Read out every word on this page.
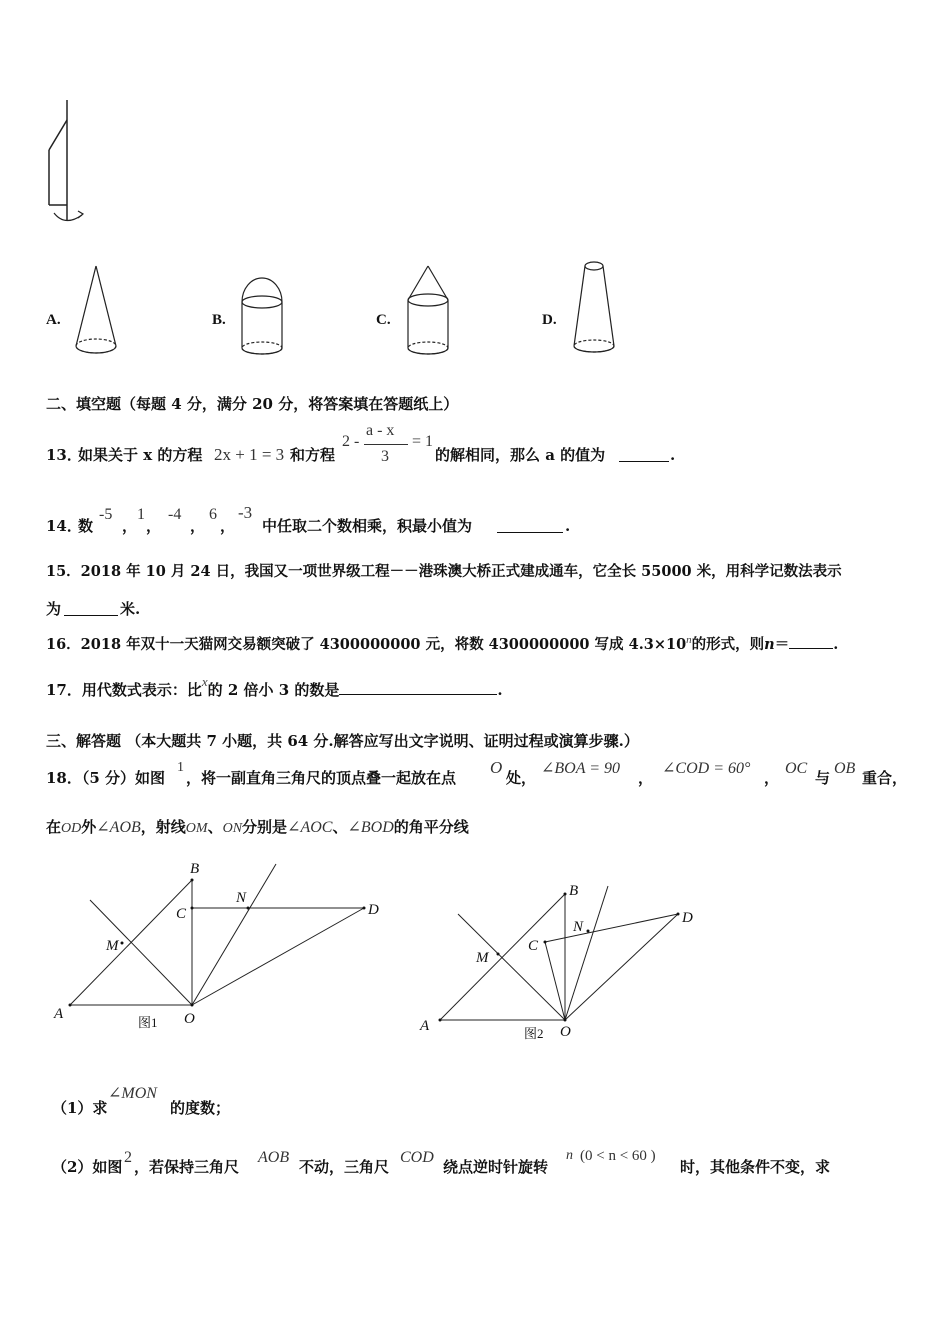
A.	B.	C.	D.
二、填空题（每题 4 分，满分 20 分，将答案填在答题纸上）
13．
如果关于 x 的方程 2x + 1 = 3 和方程
2 -
a - x
3
= 1
的解相同，那么 a 的值为	.
14．
数
-5
，
1
，
-4
，
6
，
-3
中任取二个数相乘，积最小值为	.
15．2018 年 10 月 24 日，我国又一项世界级工程－－港珠澳大桥正式建成通车，它全长 55000 米，用科学记数法表示
为	米.
16．2018 年双十一天猫网交易额突破了 4300000000 元，将数 4300000000 写成 $4.3\times 10^n$的形式，则n＝	.
17．用代数式表示：比x的 2 倍小 3 的数是	.
三、解答题 （本大题共 7 小题，共 64 分.解答应写出文字说明、证明过程或演算步骤.）
18．（5 分）如图
1
，将一副直角三角尺的顶点叠一起放在点
O
处，
∠BOA = 90
，
∠COD = 60°
，
OC
与
OB
重合，
在OD外∠AOB，射线OM、ON分别是∠AOC、∠BOD的角平分线
B
C
N
D
M
A	O
图1
B
N
D
C
M
A	O
图2
（1）求
∠MON
的度数；
（2）如图
2
，若保持三角尺
AOB
不动，三角尺
COD
绕点逆时针旋转
n (0 < n < 60 )
时，其他条件不变，求
